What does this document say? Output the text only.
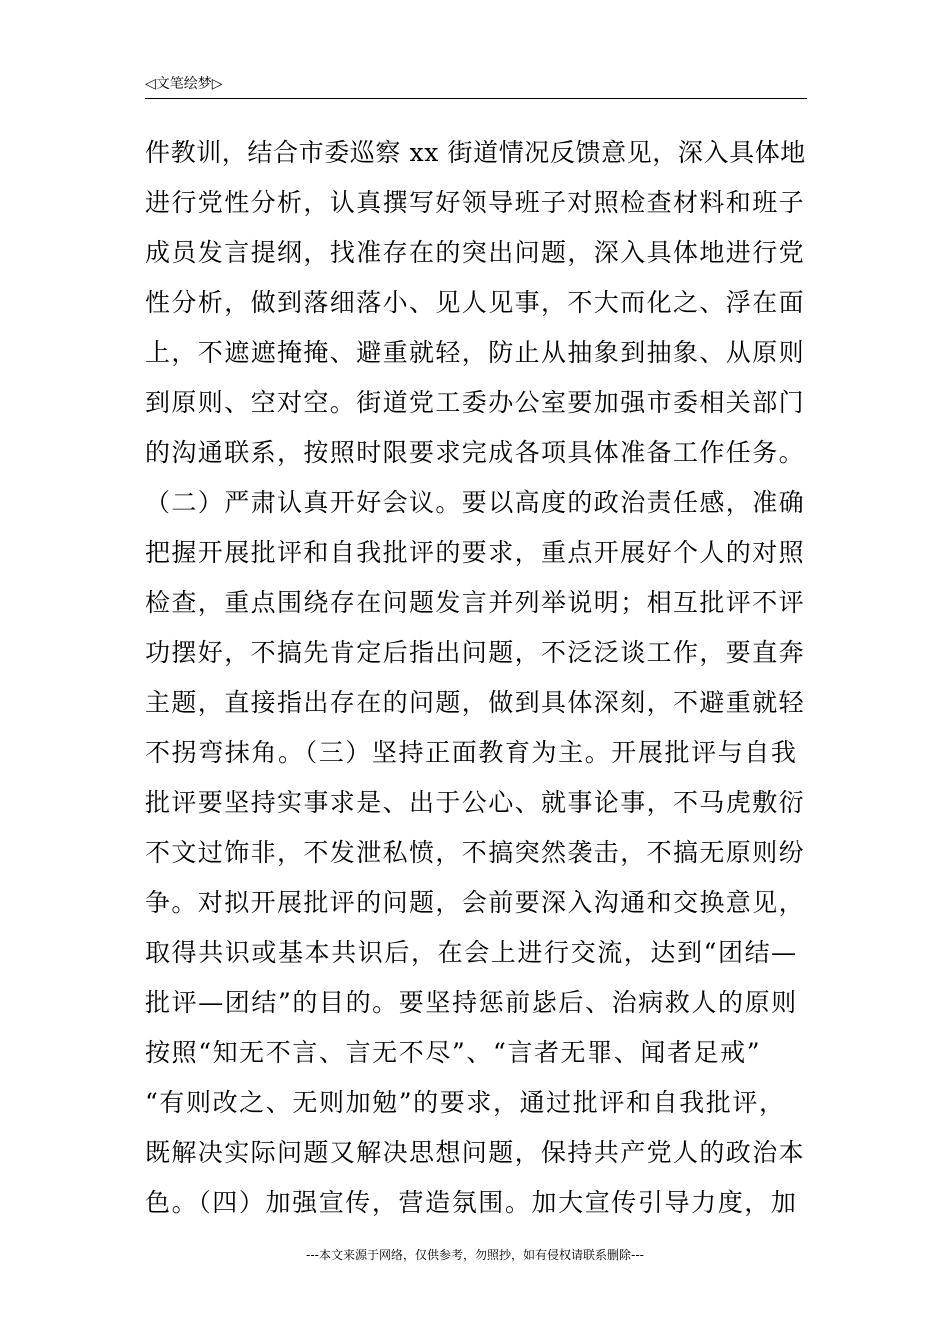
◁文笔绘梦▷
件教训，结合市委巡察 xx 街道情况反馈意见，深入具体地
进行党性分析，认真撰写好领导班子对照检查材料和班子
成员发言提纲，找准存在的突出问题，深入具体地进行党
性分析，做到落细落小、见人见事，不大而化之、浮在面
上，不遮遮掩掩、避重就轻，防止从抽象到抽象、从原则
到原则、空对空。街道党工委办公室要加强市委相关部门
的沟通联系，按照时限要求完成各项具体准备工作任务。
（二）严肃认真开好会议。要以高度的政治责任感，准确
把握开展批评和自我批评的要求，重点开展好个人的对照
检查，重点围绕存在问题发言并列举说明；相互批评不评
功摆好，不搞先肯定后指出问题，不泛泛谈工作，要直奔
主题，直接指出存在的问题，做到具体深刻，不避重就轻
不拐弯抹角。（三）坚持正面教育为主。开展批评与自我
批评要坚持实事求是、出于公心、就事论事，不马虎敷衍
不文过饰非，不发泄私愤，不搞突然袭击，不搞无原则纷
争。对拟开展批评的问题，会前要深入沟通和交换意见，
取得共识或基本共识后，在会上进行交流，达到“团结—
批评—团结”的目的。要坚持惩前毖后、治病救人的原则
按照“知无不言、言无不尽”、“言者无罪、闻者足戒”
“有则改之、无则加勉”的要求，通过批评和自我批评，
既解决实际问题又解决思想问题，保持共产党人的政治本
色。（四）加强宣传，营造氛围。加大宣传引导力度，加
---本文来源于网络，仅供参考，勿照抄，如有侵权请联系删除---
